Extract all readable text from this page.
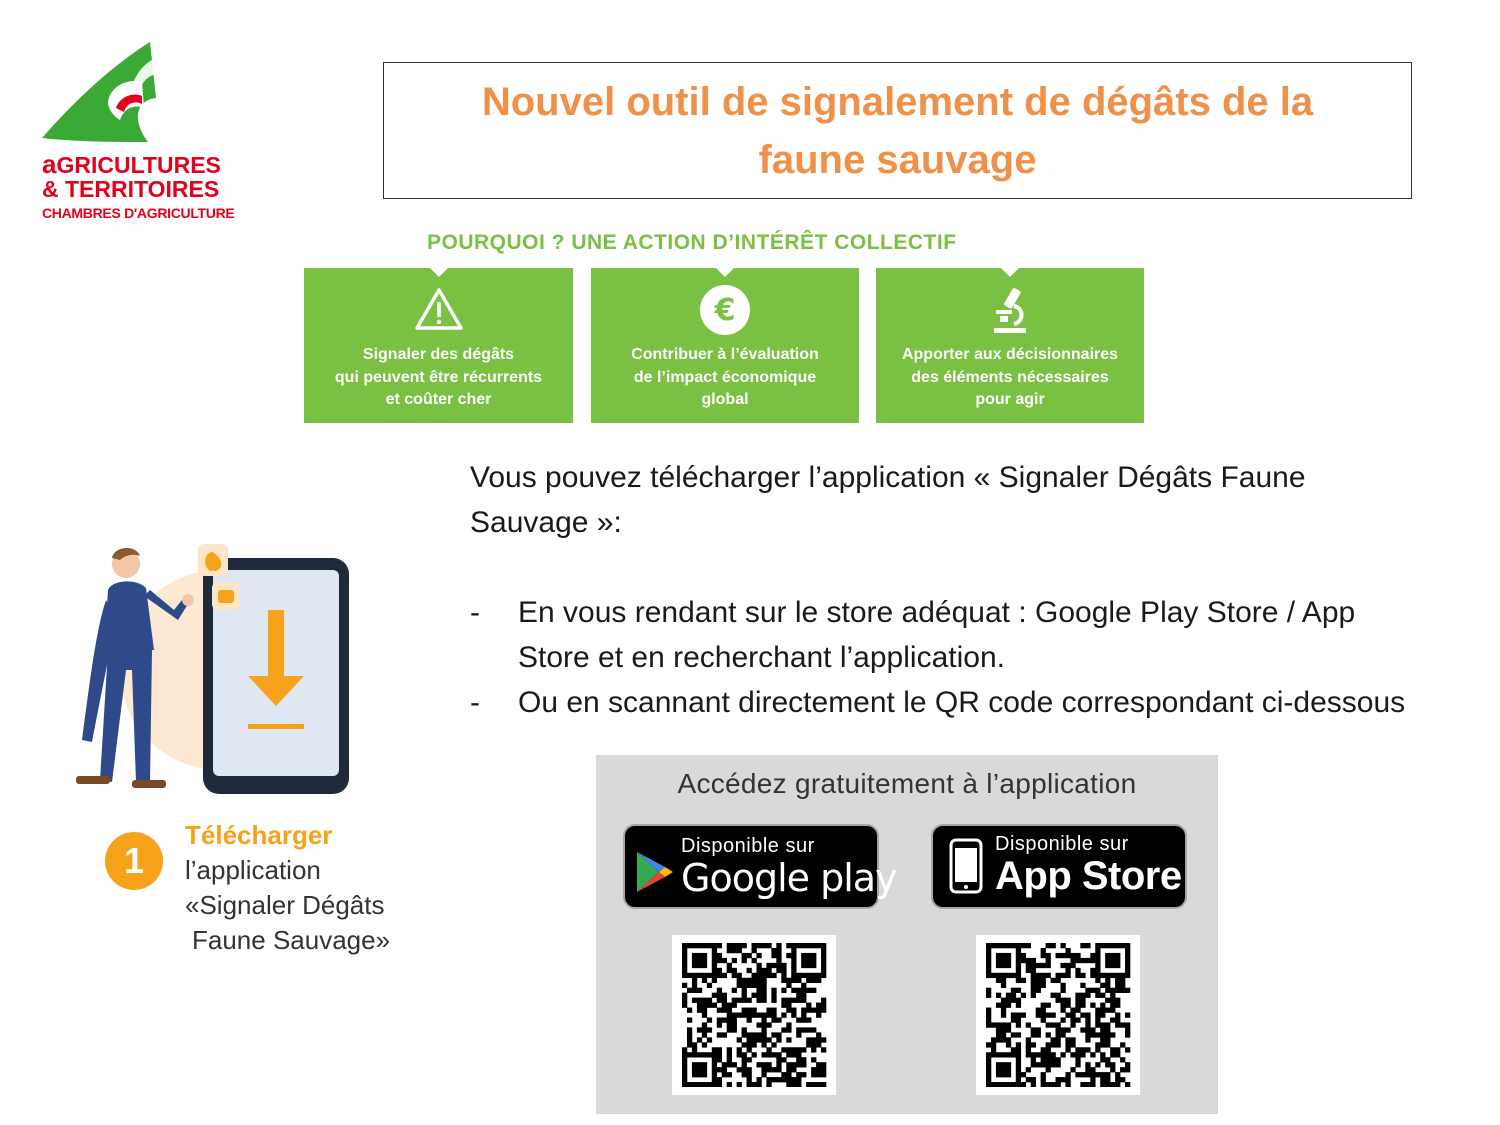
aGRICULTURES
& TERRITOIRES
CHAMBRES D'AGRICULTURE
Nouvel outil de signalement de dégâts de la faune sauvage
POURQUOI ? UNE ACTION D’INTÉRÊT COLLECTIF
Signaler des dégâts
qui peuvent être récurrents
et coûter cher
€
Contribuer à l’évaluation
de l’impact économique
global
Apporter aux décisionnaires
des éléments nécessaires
pour agir
Vous pouvez télécharger l’application « Signaler Dégâts Faune Sauvage »:
- En vous rendant sur le store adéquat : Google Play Store / App Store et en recherchant l’application.
- Ou en scannant directement le QR code correspondant ci-dessous
1
Télécharger
l’application
«Signaler Dégâts
Faune Sauvage»
Accédez gratuitement à l’application
Disponible sur
Google play
Disponible sur
App Store
